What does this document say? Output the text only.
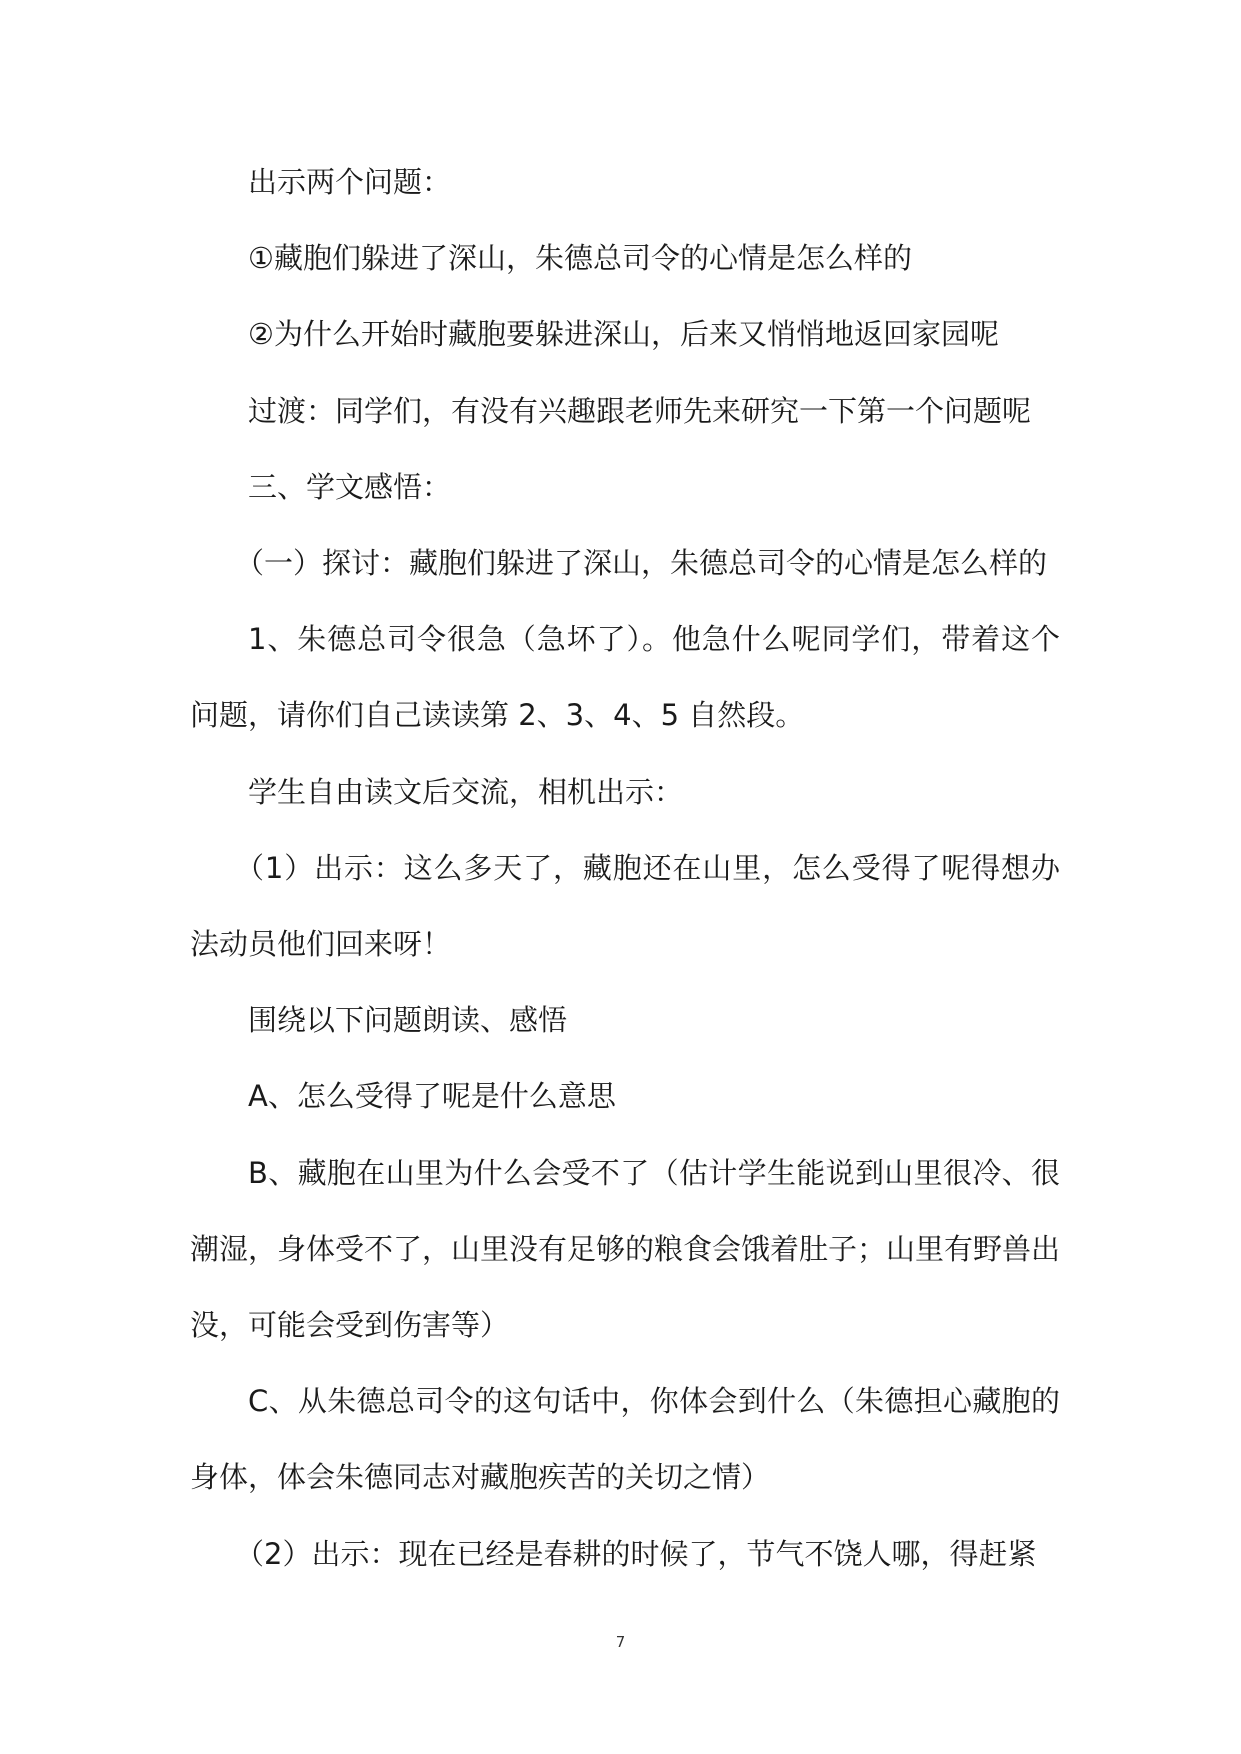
出示两个问题：

①藏胞们躲进了深山，朱德总司令的心情是怎么样的

②为什么开始时藏胞要躲进深山，后来又悄悄地返回家园呢

过渡：同学们，有没有兴趣跟老师先来研究一下第一个问题呢

三、学文感悟：

（一）探讨：藏胞们躲进了深山，朱德总司令的心情是怎么样的

1、朱德总司令很急（急坏了）。他急什么呢同学们，带着这个问题，请你们自己读读第 2、3、4、5 自然段。

学生自由读文后交流，相机出示：

（1）出示：这么多天了，藏胞还在山里，怎么受得了呢得想办法动员他们回来呀！

围绕以下问题朗读、感悟

A、怎么受得了呢是什么意思

B、藏胞在山里为什么会受不了（估计学生能说到山里很冷、很潮湿，身体受不了，山里没有足够的粮食会饿着肚子；山里有野兽出没，可能会受到伤害等）

C、从朱德总司令的这句话中，你体会到什么（朱德担心藏胞的身体，体会朱德同志对藏胞疾苦的关切之情）

（2）出示：现在已经是春耕的时候了，节气不饶人哪，得赶紧

7
